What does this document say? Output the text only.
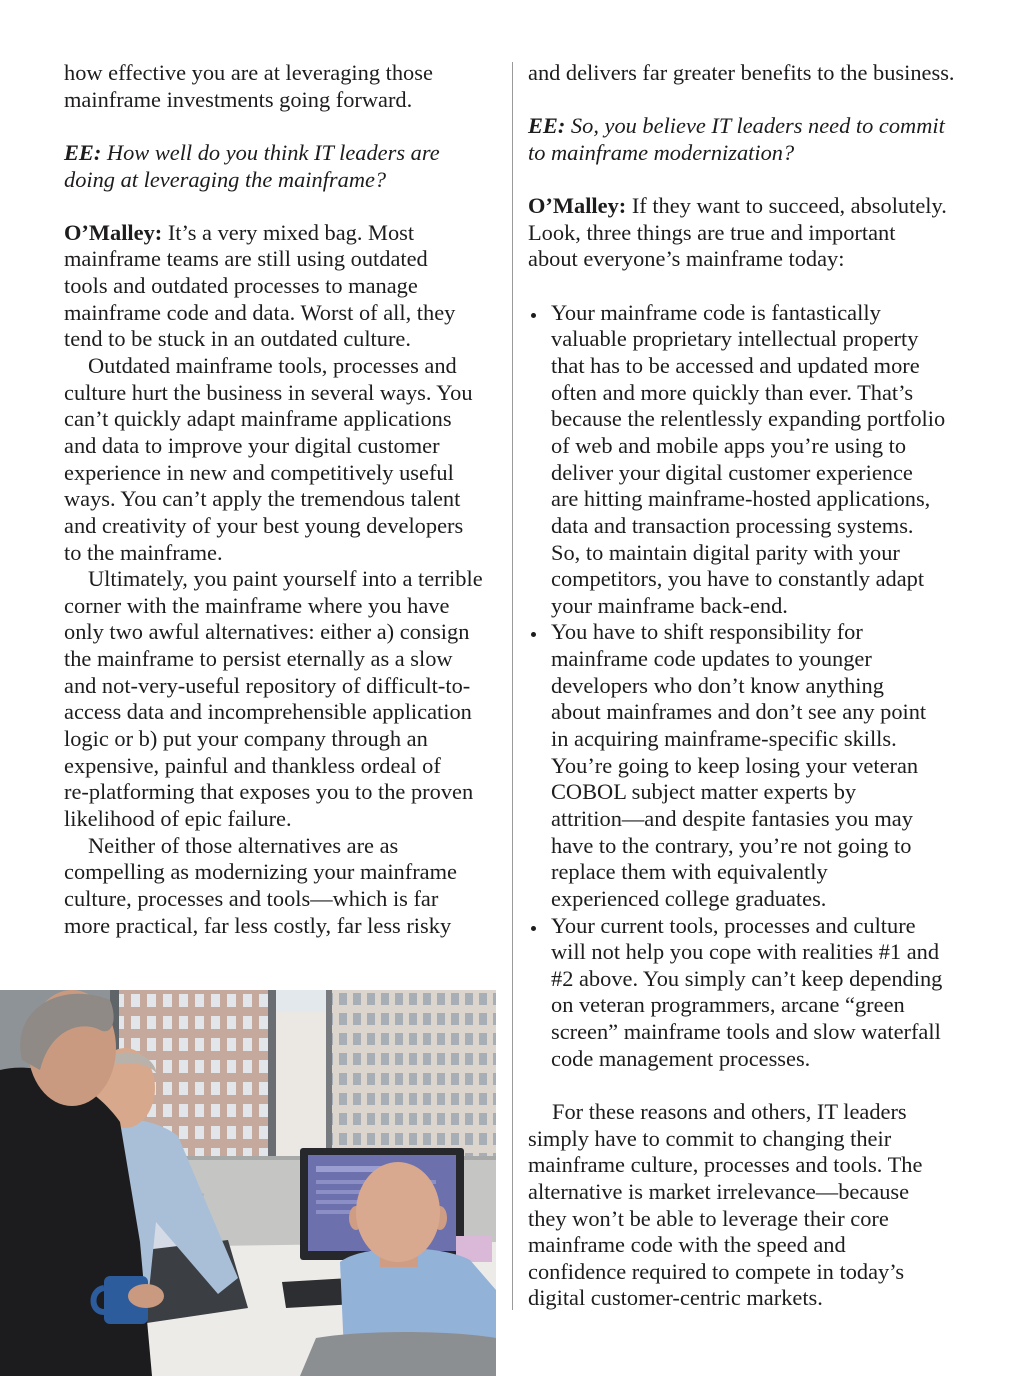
how effective you are at leveraging those
mainframe investments going forward.
EE: How well do you think IT leaders are
doing at leveraging the mainframe?
O’Malley: It’s a very mixed bag. Most
mainframe teams are still using outdated
tools and outdated processes to manage
mainframe code and data. Worst of all, they
tend to be stuck in an outdated culture.
Outdated mainframe tools, processes and
culture hurt the business in several ways. You
can’t quickly adapt mainframe applications
and data to improve your digital customer
experience in new and competitively useful
ways. You can’t apply the tremendous talent
and creativity of your best young developers
to the mainframe.
Ultimately, you paint yourself into a terrible
corner with the mainframe where you have
only two awful alternatives: either a) consign
the mainframe to persist eternally as a slow
and not-very-useful repository of difficult-to-
access data and incomprehensible application
logic or b) put your company through an
expensive, painful and thankless ordeal of
re-platforming that exposes you to the proven
likelihood of epic failure.
Neither of those alternatives are as
compelling as modernizing your mainframe
culture, processes and tools—which is far
more practical, far less costly, far less risky
and delivers far greater benefits to the business.
EE: So, you believe IT leaders need to commit
to mainframe modernization?
O’Malley: If they want to succeed, absolutely.
Look, three things are true and important
about everyone’s mainframe today:
Your mainframe code is fantastically
valuable proprietary intellectual property
that has to be accessed and updated more
often and more quickly than ever. That’s
because the relentlessly expanding portfolio
of web and mobile apps you’re using to
deliver your digital customer experience
are hitting mainframe-hosted applications,
data and transaction processing systems.
So, to maintain digital parity with your
competitors, you have to constantly adapt
your mainframe back-end.
You have to shift responsibility for
mainframe code updates to younger
developers who don’t know anything
about mainframes and don’t see any point
in acquiring mainframe-specific skills.
You’re going to keep losing your veteran
COBOL subject matter experts by
attrition—and despite fantasies you may
have to the contrary, you’re not going to
replace them with equivalently
experienced college graduates.
Your current tools, processes and culture
will not help you cope with realities #1 and
#2 above. You simply can’t keep depending
on veteran programmers, arcane “green
screen” mainframe tools and slow waterfall
code management processes.
For these reasons and others, IT leaders
simply have to commit to changing their
mainframe culture, processes and tools. The
alternative is market irrelevance—because
they won’t be able to leverage their core
mainframe code with the speed and
confidence required to compete in today’s
digital customer-centric markets.
